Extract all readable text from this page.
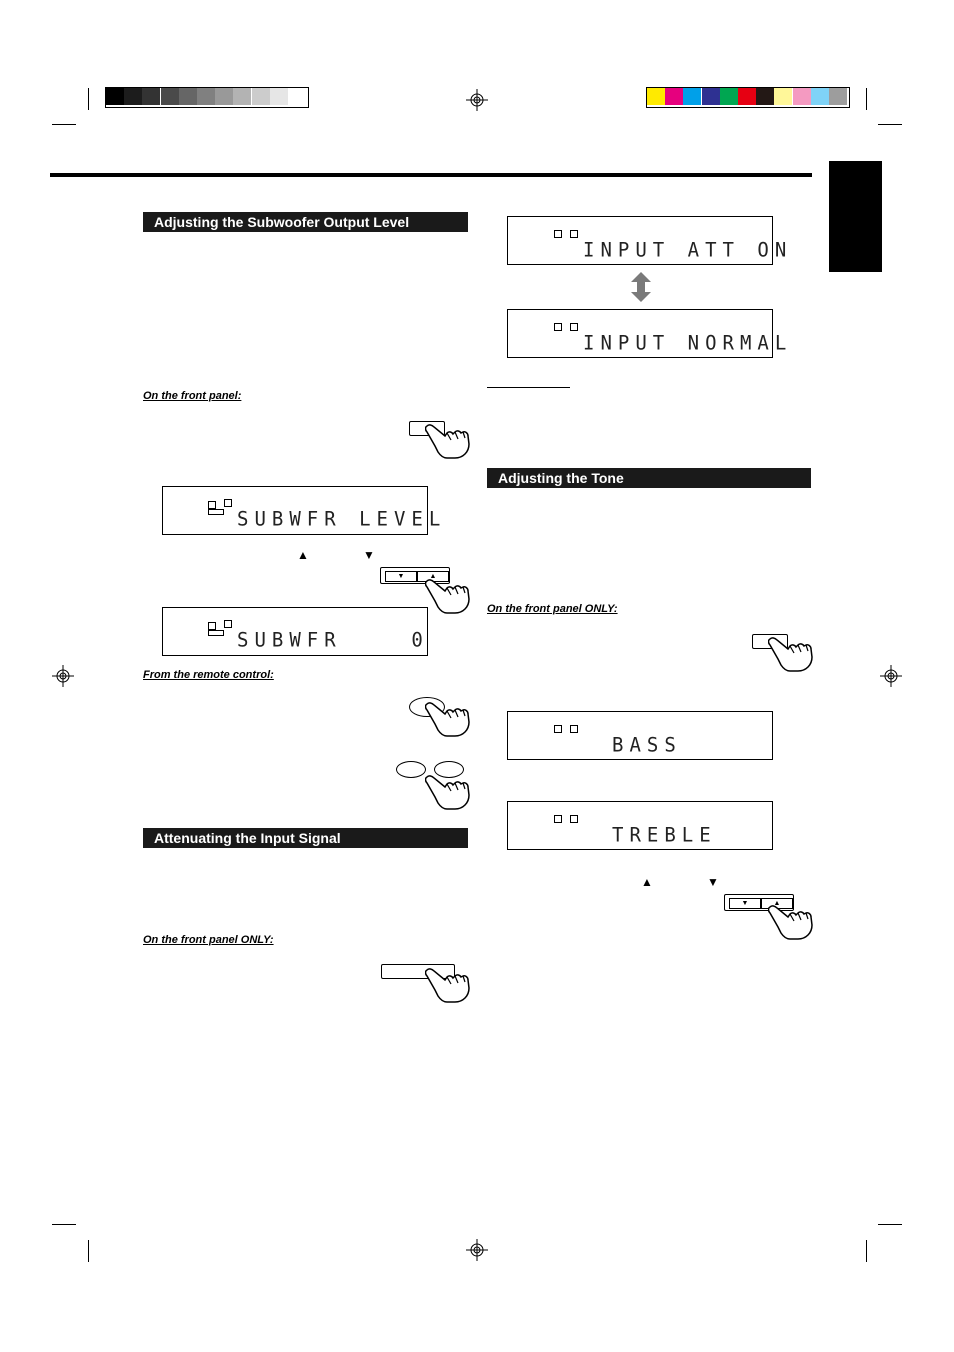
Adjusting the Subwoofer Output Level
On the front panel:
SUBWFR LEVEL
▲	▼
▼	▲
SUBWFR    0
From the remote control:
Attenuating the Input Signal
On the front panel ONLY:
INPUT ATT ON
INPUT NORMAL
Adjusting the Tone
On the front panel ONLY:
BASS
TREBLE
▲	▼
▼	▲
